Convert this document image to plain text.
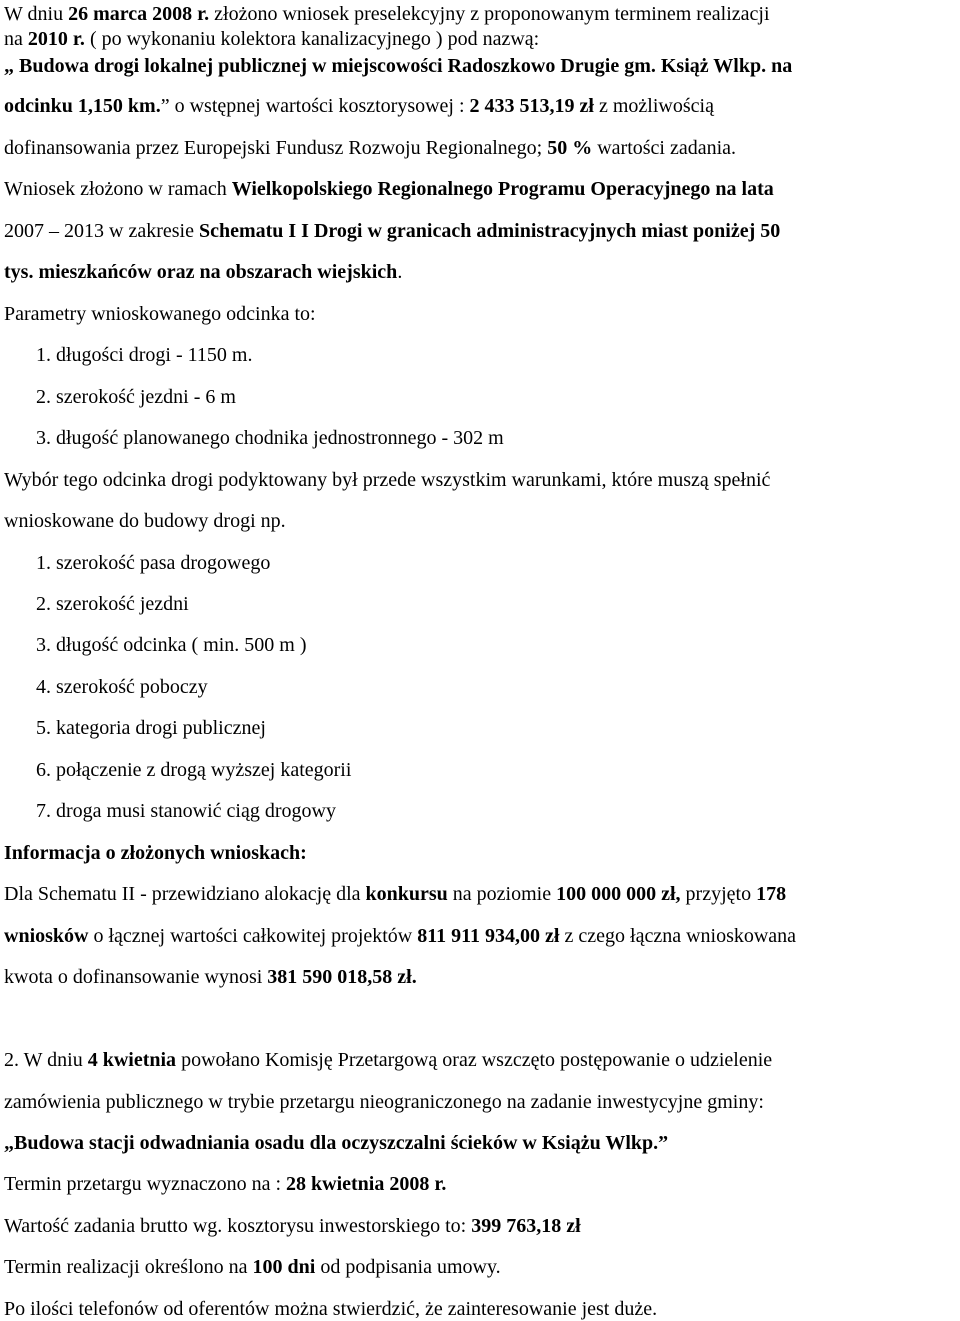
W dniu 26 marca 2008 r. złożono wniosek preselekcyjny z proponowanym terminem realizacji
na 2010 r. ( po wykonaniu kolektora kanalizacyjnego ) pod nazwą:
„ Budowa drogi lokalnej publicznej w miejscowości Radoszkowo Drugie gm. Książ Wlkp. na
odcinku 1,150 km.” o wstępnej wartości kosztorysowej : 2 433 513,19 zł z możliwością
dofinansowania przez Europejski Fundusz Rozwoju Regionalnego; 50 % wartości zadania.
Wniosek złożono w ramach Wielkopolskiego Regionalnego Programu Operacyjnego na lata
2007 – 2013 w zakresie Schematu I I Drogi w granicach administracyjnych miast poniżej 50
tys. mieszkańców oraz na obszarach wiejskich.
Parametry wnioskowanego odcinka to:
1. długości drogi - 1150 m.
2. szerokość jezdni - 6 m
3. długość planowanego chodnika jednostronnego - 302 m
Wybór tego odcinka drogi podyktowany był przede wszystkim warunkami, które muszą spełnić
wnioskowane do budowy drogi np.
1. szerokość pasa drogowego
2. szerokość jezdni
3. długość odcinka ( min. 500 m )
4. szerokość poboczy
5. kategoria drogi publicznej
6. połączenie z drogą wyższej kategorii
7. droga musi stanowić ciąg drogowy
Informacja o złożonych wnioskach:
Dla Schematu II - przewidziano alokację dla konkursu na poziomie 100 000 000 zł, przyjęto 178
wniosków o łącznej wartości całkowitej projektów 811 911 934,00 zł z czego łączna wnioskowana
kwota o dofinansowanie wynosi 381 590 018,58 zł.
2. W dniu 4 kwietnia powołano Komisję Przetargową oraz wszczęto postępowanie o udzielenie
zamówienia publicznego w trybie przetargu nieograniczonego na zadanie inwestycyjne gminy:
„Budowa stacji odwadniania osadu dla oczyszczalni ścieków w Książu Wlkp.”
Termin przetargu wyznaczono na : 28 kwietnia 2008 r.
Wartość zadania brutto wg. kosztorysu inwestorskiego to: 399 763,18 zł
Termin realizacji określono na 100 dni od podpisania umowy.
Po ilości telefonów od oferentów można stwierdzić, że zainteresowanie jest duże.
